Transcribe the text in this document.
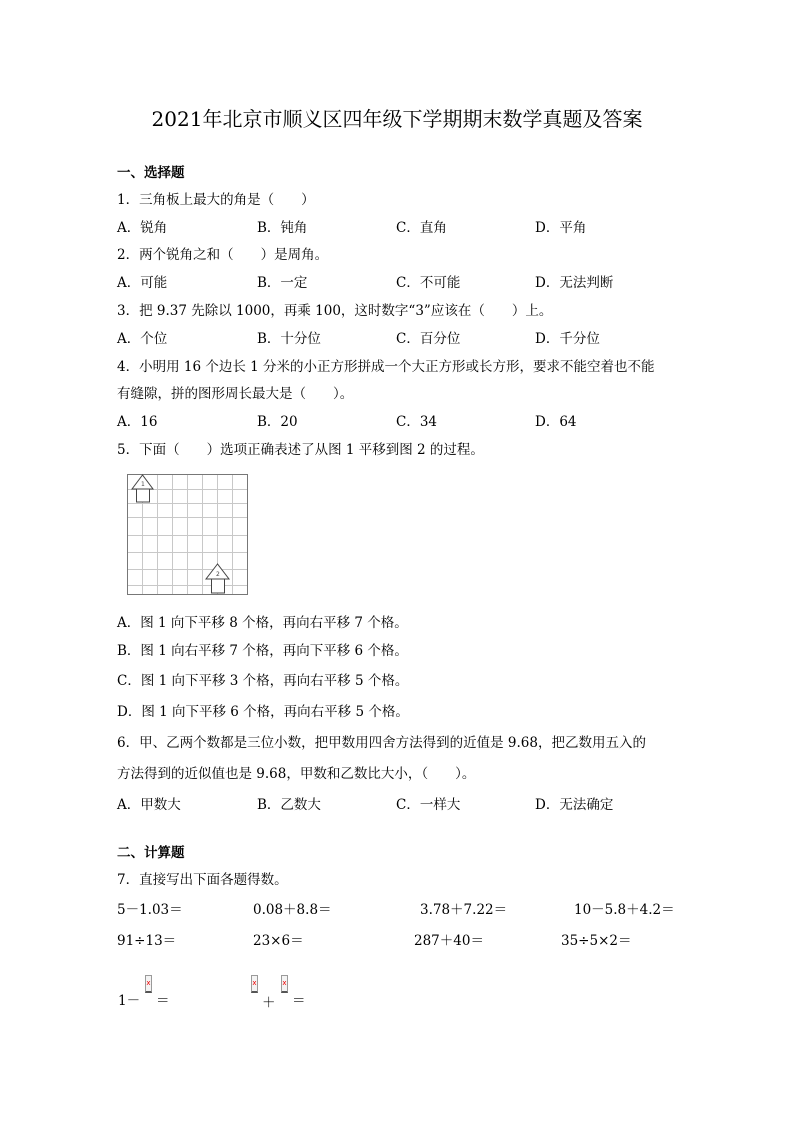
2021年北京市顺义区四年级下学期期末数学真题及答案
一、选择题
1．三角板上最大的角是（　　）
A．锐角	B．钝角	C．直角	D．平角
2．两个锐角之和（　　）是周角。
A．可能	B．一定	C．不可能	D．无法判断
3．把 9.37 先除以 1000，再乘 100，这时数字“3”应该在（　　）上。
A．个位	B．十分位	C．百分位	D．千分位
4．小明用 16 个边长 1 分米的小正方形拼成一个大正方形或长方形，要求不能空着也不能
有缝隙，拼的图形周长最大是（　　）。
A．16	B．20	C．34	D．64
5．下面（　　）选项正确表述了从图 1 平移到图 2 的过程。
1
2
A．图 1 向下平移 8 个格，再向右平移 7 个格。
B．图 1 向右平移 7 个格，再向下平移 6 个格。
C．图 1 向下平移 3 个格，再向右平移 5 个格。
D．图 1 向下平移 6 个格，再向右平移 5 个格。
6．甲、乙两个数都是三位小数，把甲数用四舍方法得到的近值是 9.68，把乙数用五入的
方法得到的近似值也是 9.68，甲数和乙数比大小，（　　）。
A．甲数大	B．乙数大	C．一样大	D．无法确定
二、计算题
7．直接写出下面各题得数。
5－1.03＝	0.08＋8.8＝	3.78＋7.22＝	10－5.8＋4.2＝
91÷13＝	23×6＝	287＋40＝	35÷5×2＝
1－
x
＝
x
＋
x
＝
